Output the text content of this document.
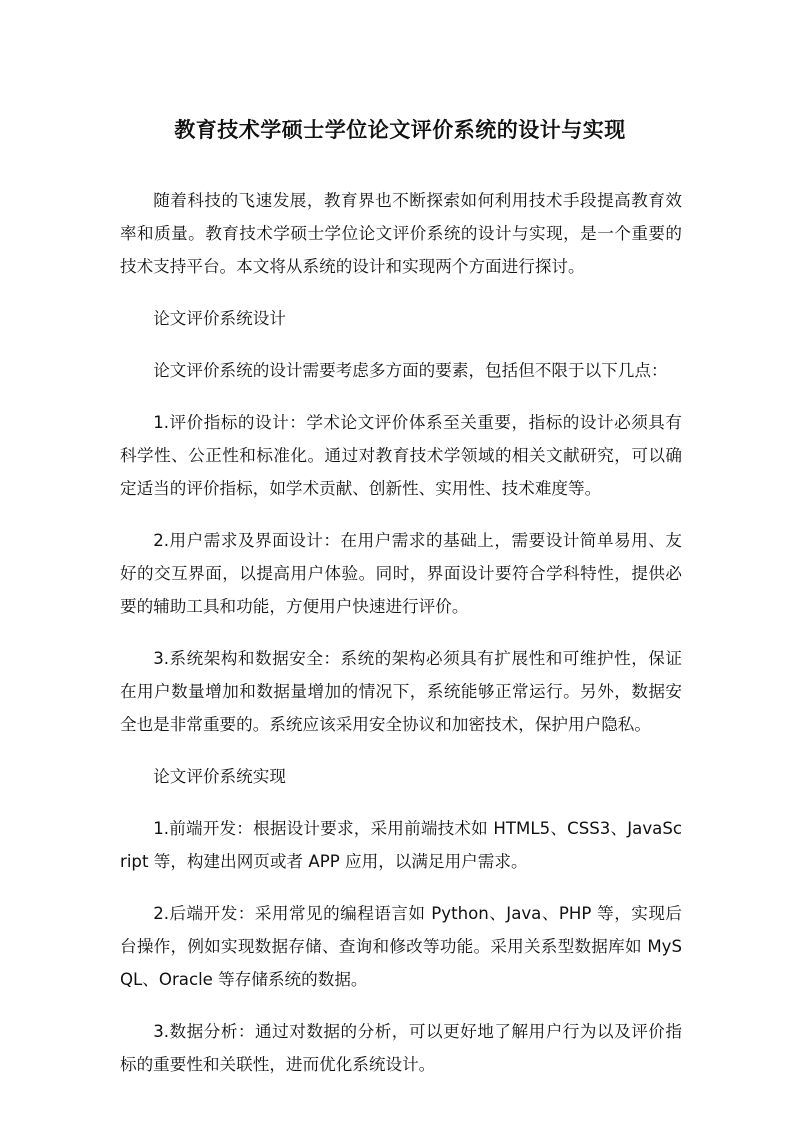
教育技术学硕士学位论文评价系统的设计与实现

随着科技的飞速发展，教育界也不断探索如何利用技术手段提高教育效率和质量。教育技术学硕士学位论文评价系统的设计与实现，是一个重要的技术支持平台。本文将从系统的设计和实现两个方面进行探讨。

论文评价系统设计

论文评价系统的设计需要考虑多方面的要素，包括但不限于以下几点：

1.评价指标的设计：学术论文评价体系至关重要，指标的设计必须具有科学性、公正性和标准化。通过对教育技术学领域的相关文献研究，可以确定适当的评价指标，如学术贡献、创新性、实用性、技术难度等。

2.用户需求及界面设计：在用户需求的基础上，需要设计简单易用、友好的交互界面，以提高用户体验。同时，界面设计要符合学科特性，提供必要的辅助工具和功能，方便用户快速进行评价。

3.系统架构和数据安全：系统的架构必须具有扩展性和可维护性，保证在用户数量增加和数据量增加的情况下，系统能够正常运行。另外，数据安全也是非常重要的。系统应该采用安全协议和加密技术，保护用户隐私。

论文评价系统实现

1.前端开发：根据设计要求，采用前端技术如 HTML5、CSS3、JavaScript 等，构建出网页或者 APP 应用，以满足用户需求。

2.后端开发：采用常见的编程语言如 Python、Java、PHP 等，实现后台操作，例如实现数据存储、查询和修改等功能。采用关系型数据库如 MySQL、Oracle 等存储系统的数据。

3.数据分析：通过对数据的分析，可以更好地了解用户行为以及评价指标的重要性和关联性，进而优化系统设计。
